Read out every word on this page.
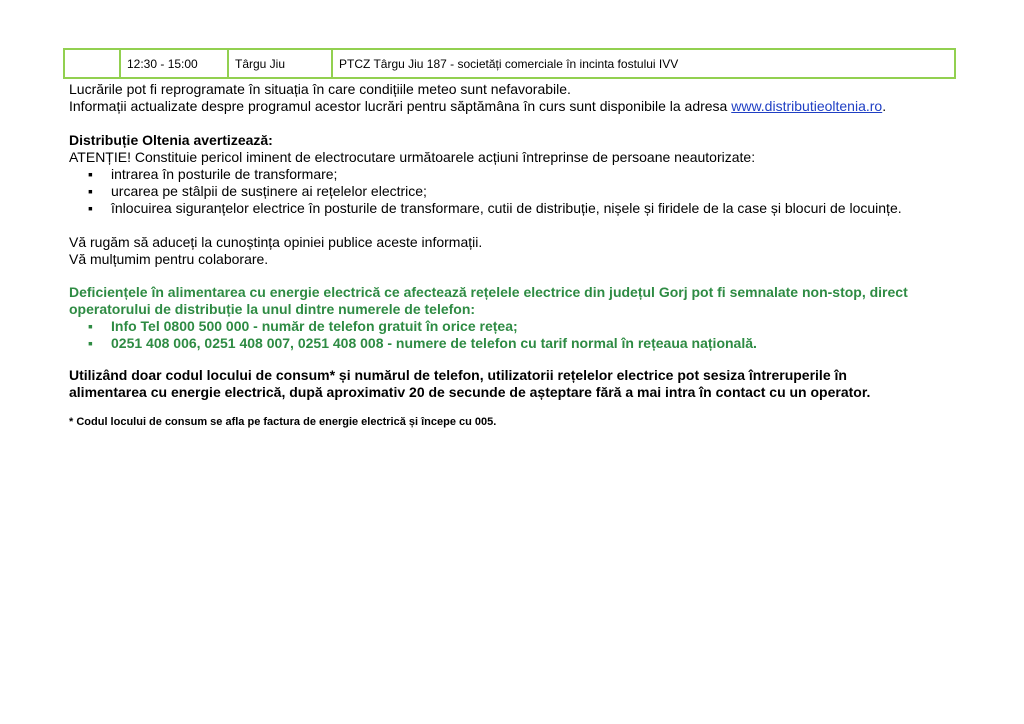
	12:30 - 15:00	Târgu Jiu	PTCZ Târgu Jiu 187 - societăți comerciale în incinta fostului IVV
Lucrările pot fi reprogramate în situația în care condițiile meteo sunt nefavorabile.
Informații actualizate despre programul acestor lucrări pentru săptămâna în curs sunt disponibile la adresa www.distributieoltenia.ro.
Distribuție Oltenia avertizează:
ATENȚIE! Constituie pericol iminent de electrocutare următoarele acțiuni întreprinse de persoane neautorizate:
▪
intrarea în posturile de transformare;
▪
urcarea pe stâlpii de susținere ai rețelelor electrice;
▪
înlocuirea siguranțelor electrice în posturile de transformare, cutii de distribuție, nișele și firidele de la case și blocuri de locuințe.
Vă rugăm să aduceți la cunoștința opiniei publice aceste informații.
Vă mulțumim pentru colaborare.
Deficiențele în alimentarea cu energie electrică ce afectează rețelele electrice din județul Gorj pot fi semnalate non-stop, direct
operatorului de distribuție la unul dintre numerele de telefon:
▪
Info Tel 0800 500 000 - număr de telefon gratuit în orice rețea;
▪
0251 408 006, 0251 408 007, 0251 408 008 - numere de telefon cu tarif normal în rețeaua națională.
Utilizând doar codul locului de consum* și numărul de telefon, utilizatorii rețelelor electrice pot sesiza întreruperile în
alimentarea cu energie electrică, după aproximativ 20 de secunde de așteptare fără a mai intra în contact cu un operator.
* Codul locului de consum se afla pe factura de energie electrică și începe cu 005.
